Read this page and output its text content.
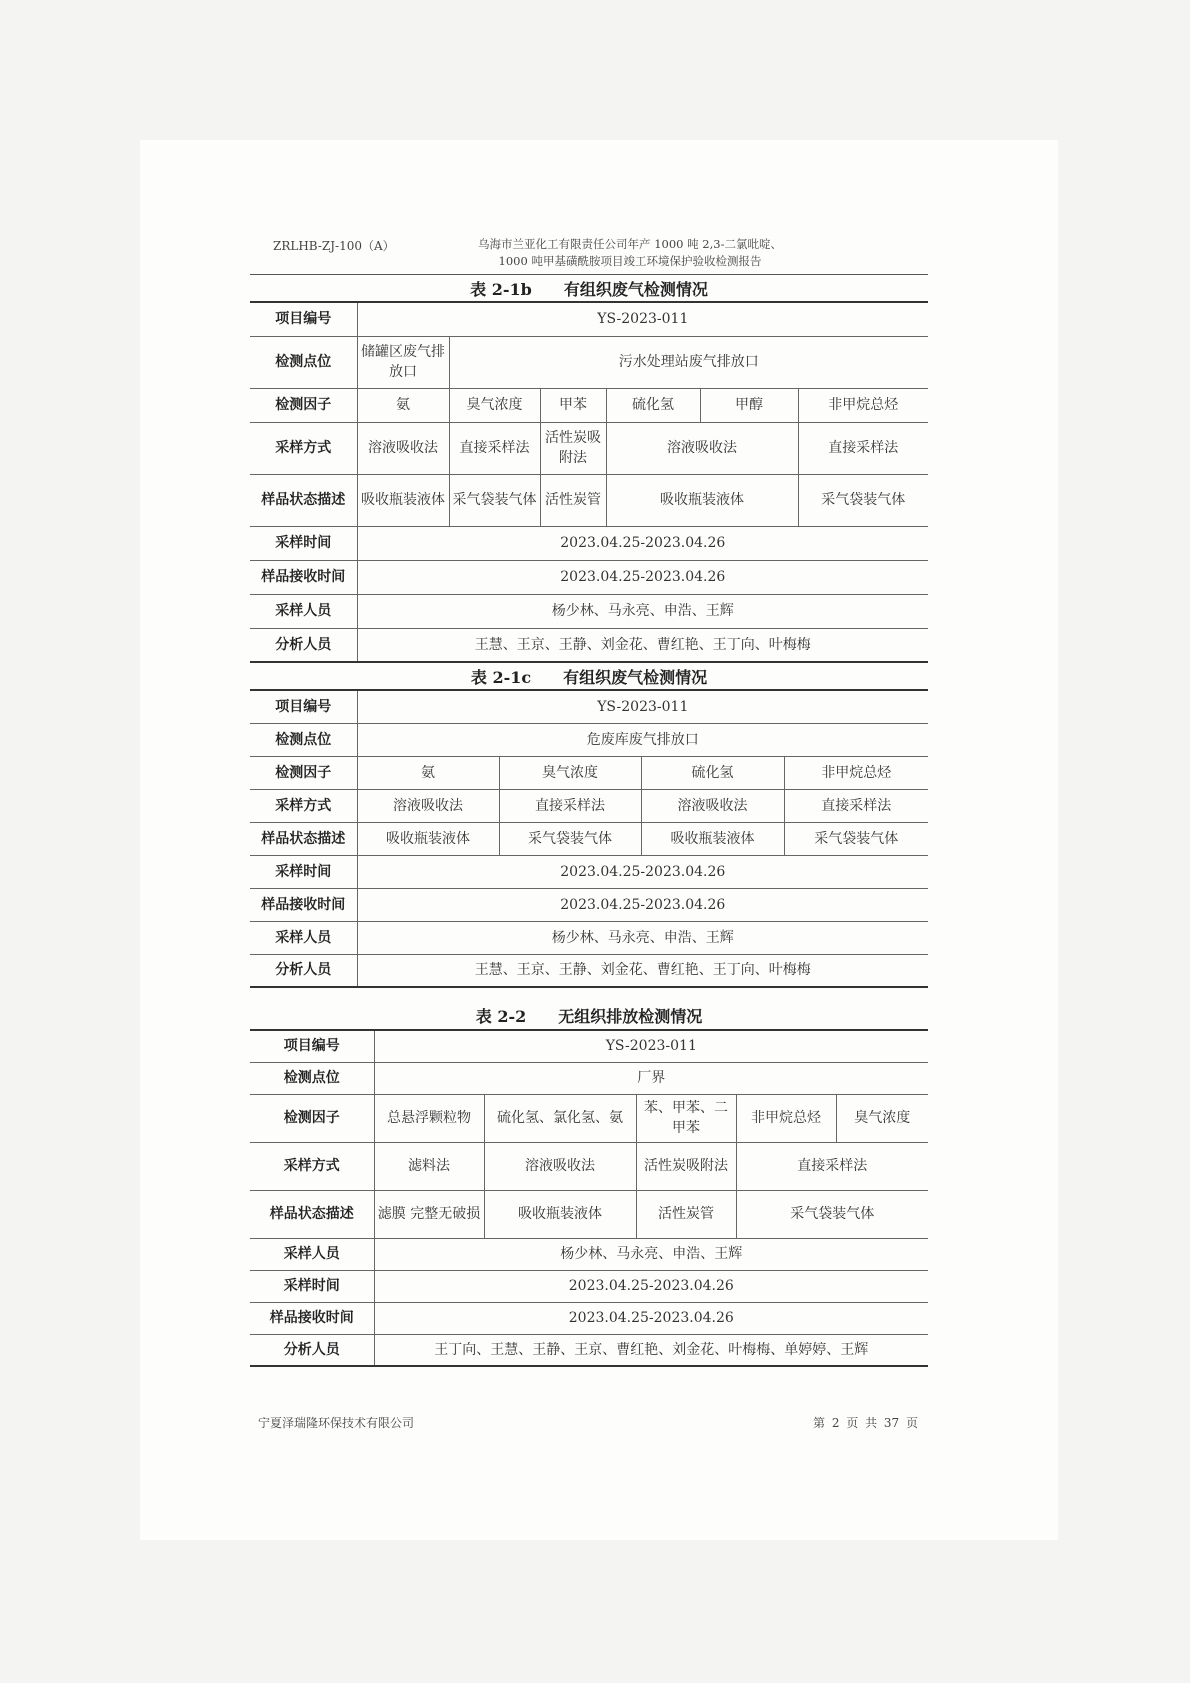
ZRLHB-ZJ-100（A）	乌海市兰亚化工有限责任公司年产 1000 吨 2,3-二氯吡啶、
1000 吨甲基磺酰胺项目竣工环境保护验收检测报告
表 2-1b 有组织废气检测情况
项目编号	YS-2023-011					
检测点位	储罐区废气排放口	污水处理站废气排放口				
检测因子	氨	臭气浓度	甲苯	硫化氢	甲醇	非甲烷总烃
采样方式	溶液吸收法	直接采样法	活性炭吸附法	溶液吸收法		直接采样法
样品状态描述	吸收瓶装液体	采气袋装气体	活性炭管	吸收瓶装液体		采气袋装气体
采样时间	2023.04.25-2023.04.26					
样品接收时间	2023.04.25-2023.04.26					
采样人员	杨少林、马永亮、申浩、王辉					
分析人员	王慧、王京、王静、刘金花、曹红艳、王丁向、叶梅梅					
表 2-1c 有组织废气检测情况
项目编号	YS-2023-011			
检测点位	危废库废气排放口			
检测因子	氨	臭气浓度	硫化氢	非甲烷总烃
采样方式	溶液吸收法	直接采样法	溶液吸收法	直接采样法
样品状态描述	吸收瓶装液体	采气袋装气体	吸收瓶装液体	采气袋装气体
采样时间	2023.04.25-2023.04.26			
样品接收时间	2023.04.25-2023.04.26			
采样人员	杨少林、马永亮、申浩、王辉			
分析人员	王慧、王京、王静、刘金花、曹红艳、王丁向、叶梅梅			
表 2-2 无组织排放检测情况
项目编号	YS-2023-011				
检测点位	厂界				
检测因子	总悬浮颗粒物	硫化氢、氯化氢、氨	苯、甲苯、二甲苯	非甲烷总烃	臭气浓度
采样方式	滤料法	溶液吸收法	活性炭吸附法	直接采样法	
样品状态描述	滤膜 完整无破损	吸收瓶装液体	活性炭管	采气袋装气体	
采样人员	杨少林、马永亮、申浩、王辉				
采样时间	2023.04.25-2023.04.26				
样品接收时间	2023.04.25-2023.04.26				
分析人员	王丁向、王慧、王静、王京、曹红艳、刘金花、叶梅梅、单婷婷、王辉				
宁夏泽瑞隆环保技术有限公司	第 2 页 共 37 页
